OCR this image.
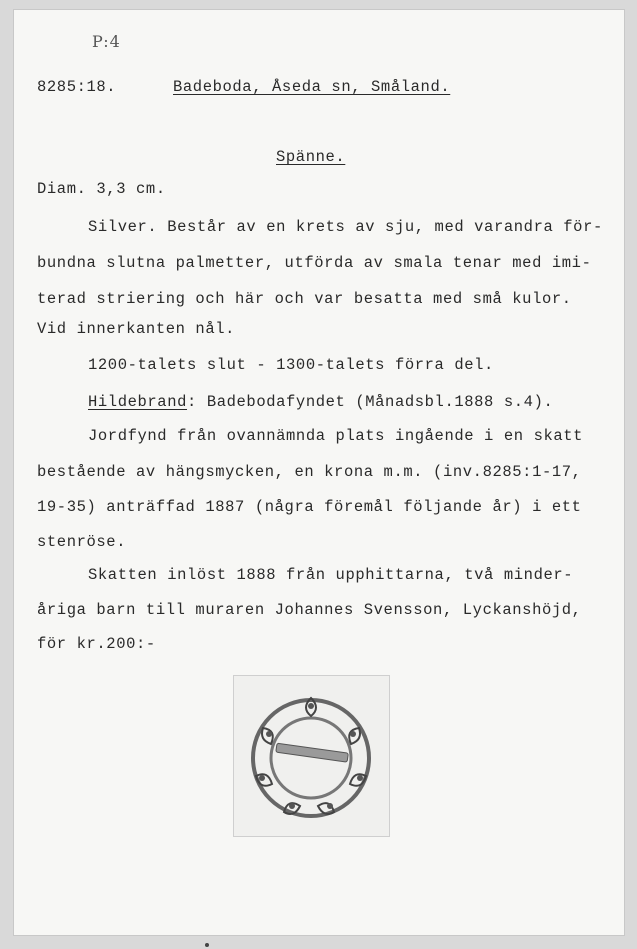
P:4
8285:18.	Badeboda, Åseda sn, Småland.
Spänne.
Diam. 3,3 cm.
Silver. Består av en krets av sju, med varandra för-
bundna slutna palmetter, utförda av smala tenar med imi-
terad striering och här och var besatta med små kulor.
Vid innerkanten nål.
1200-talets slut - 1300-talets förra del.
Hildebrand: Badebodafyndet (Månadsbl.1888 s.4).
Jordfynd från ovannämnda plats ingående i en skatt
bestående av hängsmycken, en krona m.m. (inv.8285:1-17,
19-35) anträffad 1887 (några föremål följande år) i ett
stenröse.
Skatten inlöst 1888 från upphittarna, två minder-
åriga barn till muraren Johannes Svensson, Lyckanshöjd,
för kr.200:-
